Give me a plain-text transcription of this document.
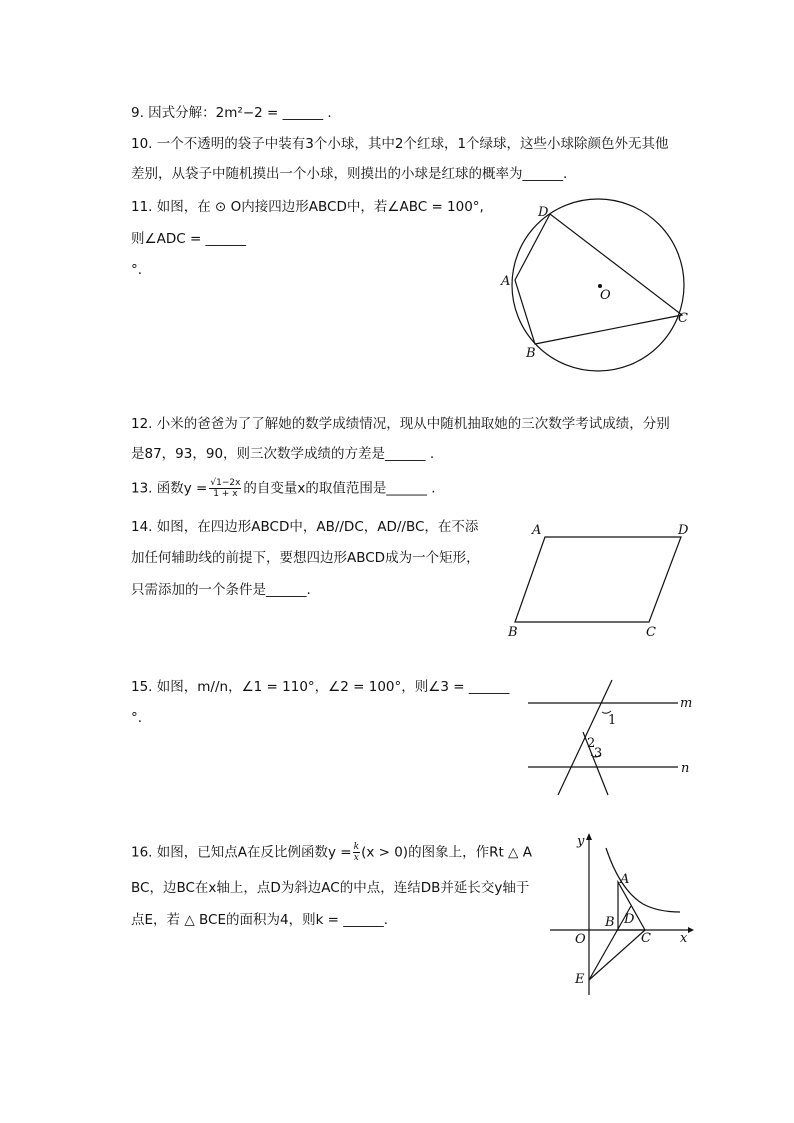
9. 因式分解：2m²−2 = ______ .
10. 一个不透明的袋子中装有3个小球，其中2个红球，1个绿球，这些小球除颜色外无其他
差别，从袋子中随机摸出一个小球，则摸出的小球是红球的概率为______.
11. 如图，在 ⊙ O内接四边形ABCD中，若∠ABC = 100°,
则∠ADC = ______
°.
D
A
B
C
O
12. 小米的爸爸为了了解她的数学成绩情况，现从中随机抽取她的三次数学考试成绩，分别
是87，93，90，则三次数学成绩的方差是______ .
13. 函数$y = \frac{√1-2x}{1 + x}$ 的自变量x的取值范围是______ .
14. 如图，在四边形ABCD中，AB//DC，AD//BC，在不添
加任何辅助线的前提下，要想四边形ABCD成为一个矩形，
只需添加的一个条件是______.
A	D
B	C
15. 如图，m//n，∠1 = 110°，∠2 = 100°，则∠3 = ______
°.
m
n
1
2
3
16. 如图，已知点A在反比例函数$y = \frac{k}{x} (x > 0)$的图象上，作Rt △ A
BC，边BC在x轴上，点D为斜边AC的中点，连结DB并延长交y轴于
点E，若 △ BCE的面积为4，则k = ______.
y
x
O
A
B D
C
E
